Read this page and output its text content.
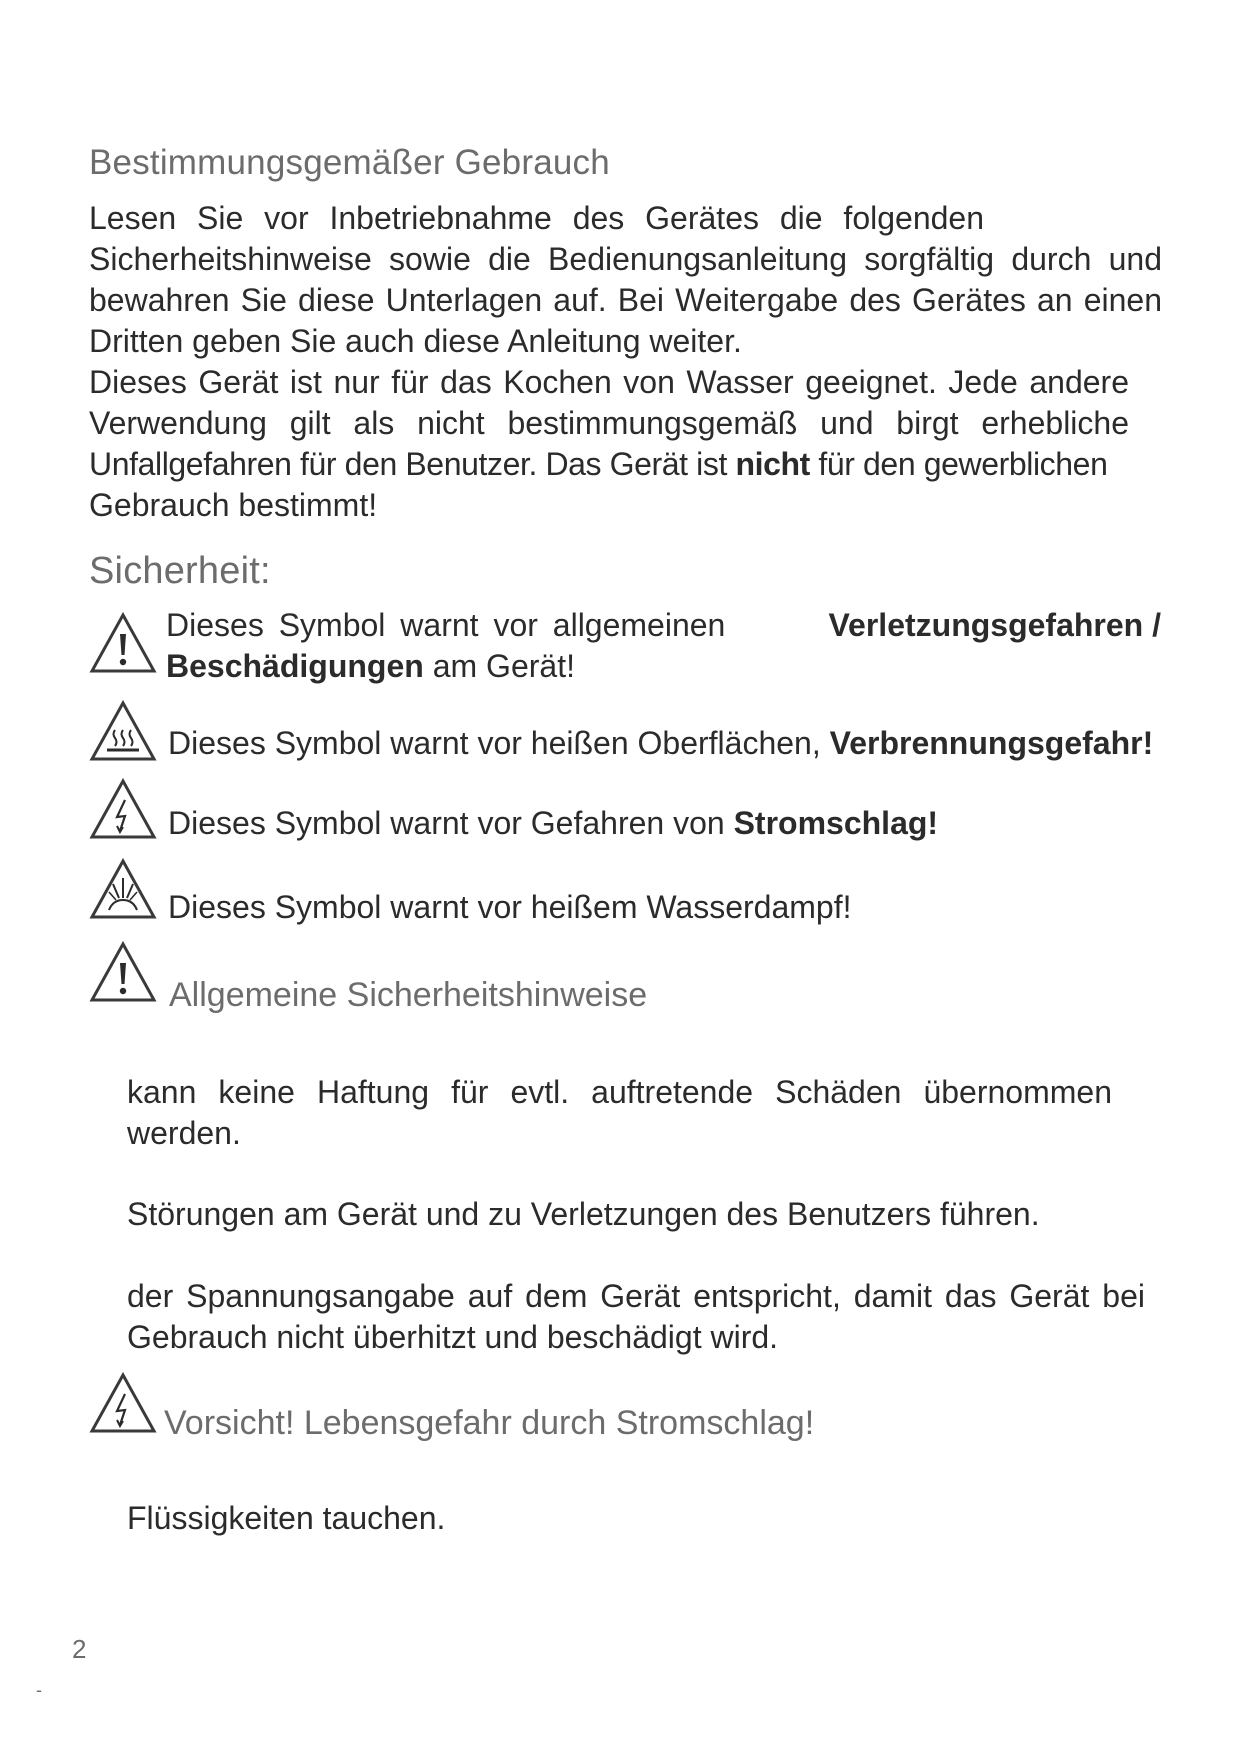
Bestimmungsgemäßer Gebrauch
Lesen Sie vor Inbetriebnahme des Gerätes die folgenden
Sicherheitshinweise sowie die Bedienungsanleitung sorgfältig durch und
bewahren Sie diese Unterlagen auf. Bei Weitergabe des Gerätes an einen
Dritten geben Sie auch diese Anleitung weiter.
Dieses Gerät ist nur für das Kochen von Wasser geeignet. Jede andere
Verwendung gilt als nicht bestimmungsgemäß und birgt erhebliche
Unfallgefahren für den Benutzer. Das Gerät ist nicht für den gewerblichen
Gebrauch bestimmt!
Sicherheit:
Dieses Symbol warnt vor allgemeinen	Verletzungsgefahren /
Beschädigungen am Gerät!
Dieses Symbol warnt vor heißen Oberflächen, Verbrennungsgefahr!
Dieses Symbol warnt vor Gefahren von Stromschlag!
Dieses Symbol warnt vor heißem Wasserdampf!
Allgemeine Sicherheitshinweise
kann keine Haftung für evtl. auftretende Schäden übernommen
werden.
Störungen am Gerät und zu Verletzungen des Benutzers führen.
der Spannungsangabe auf dem Gerät entspricht, damit das Gerät bei
Gebrauch nicht überhitzt und beschädigt wird.
Vorsicht! Lebensgefahr durch Stromschlag!
Flüssigkeiten tauchen.
2
-
